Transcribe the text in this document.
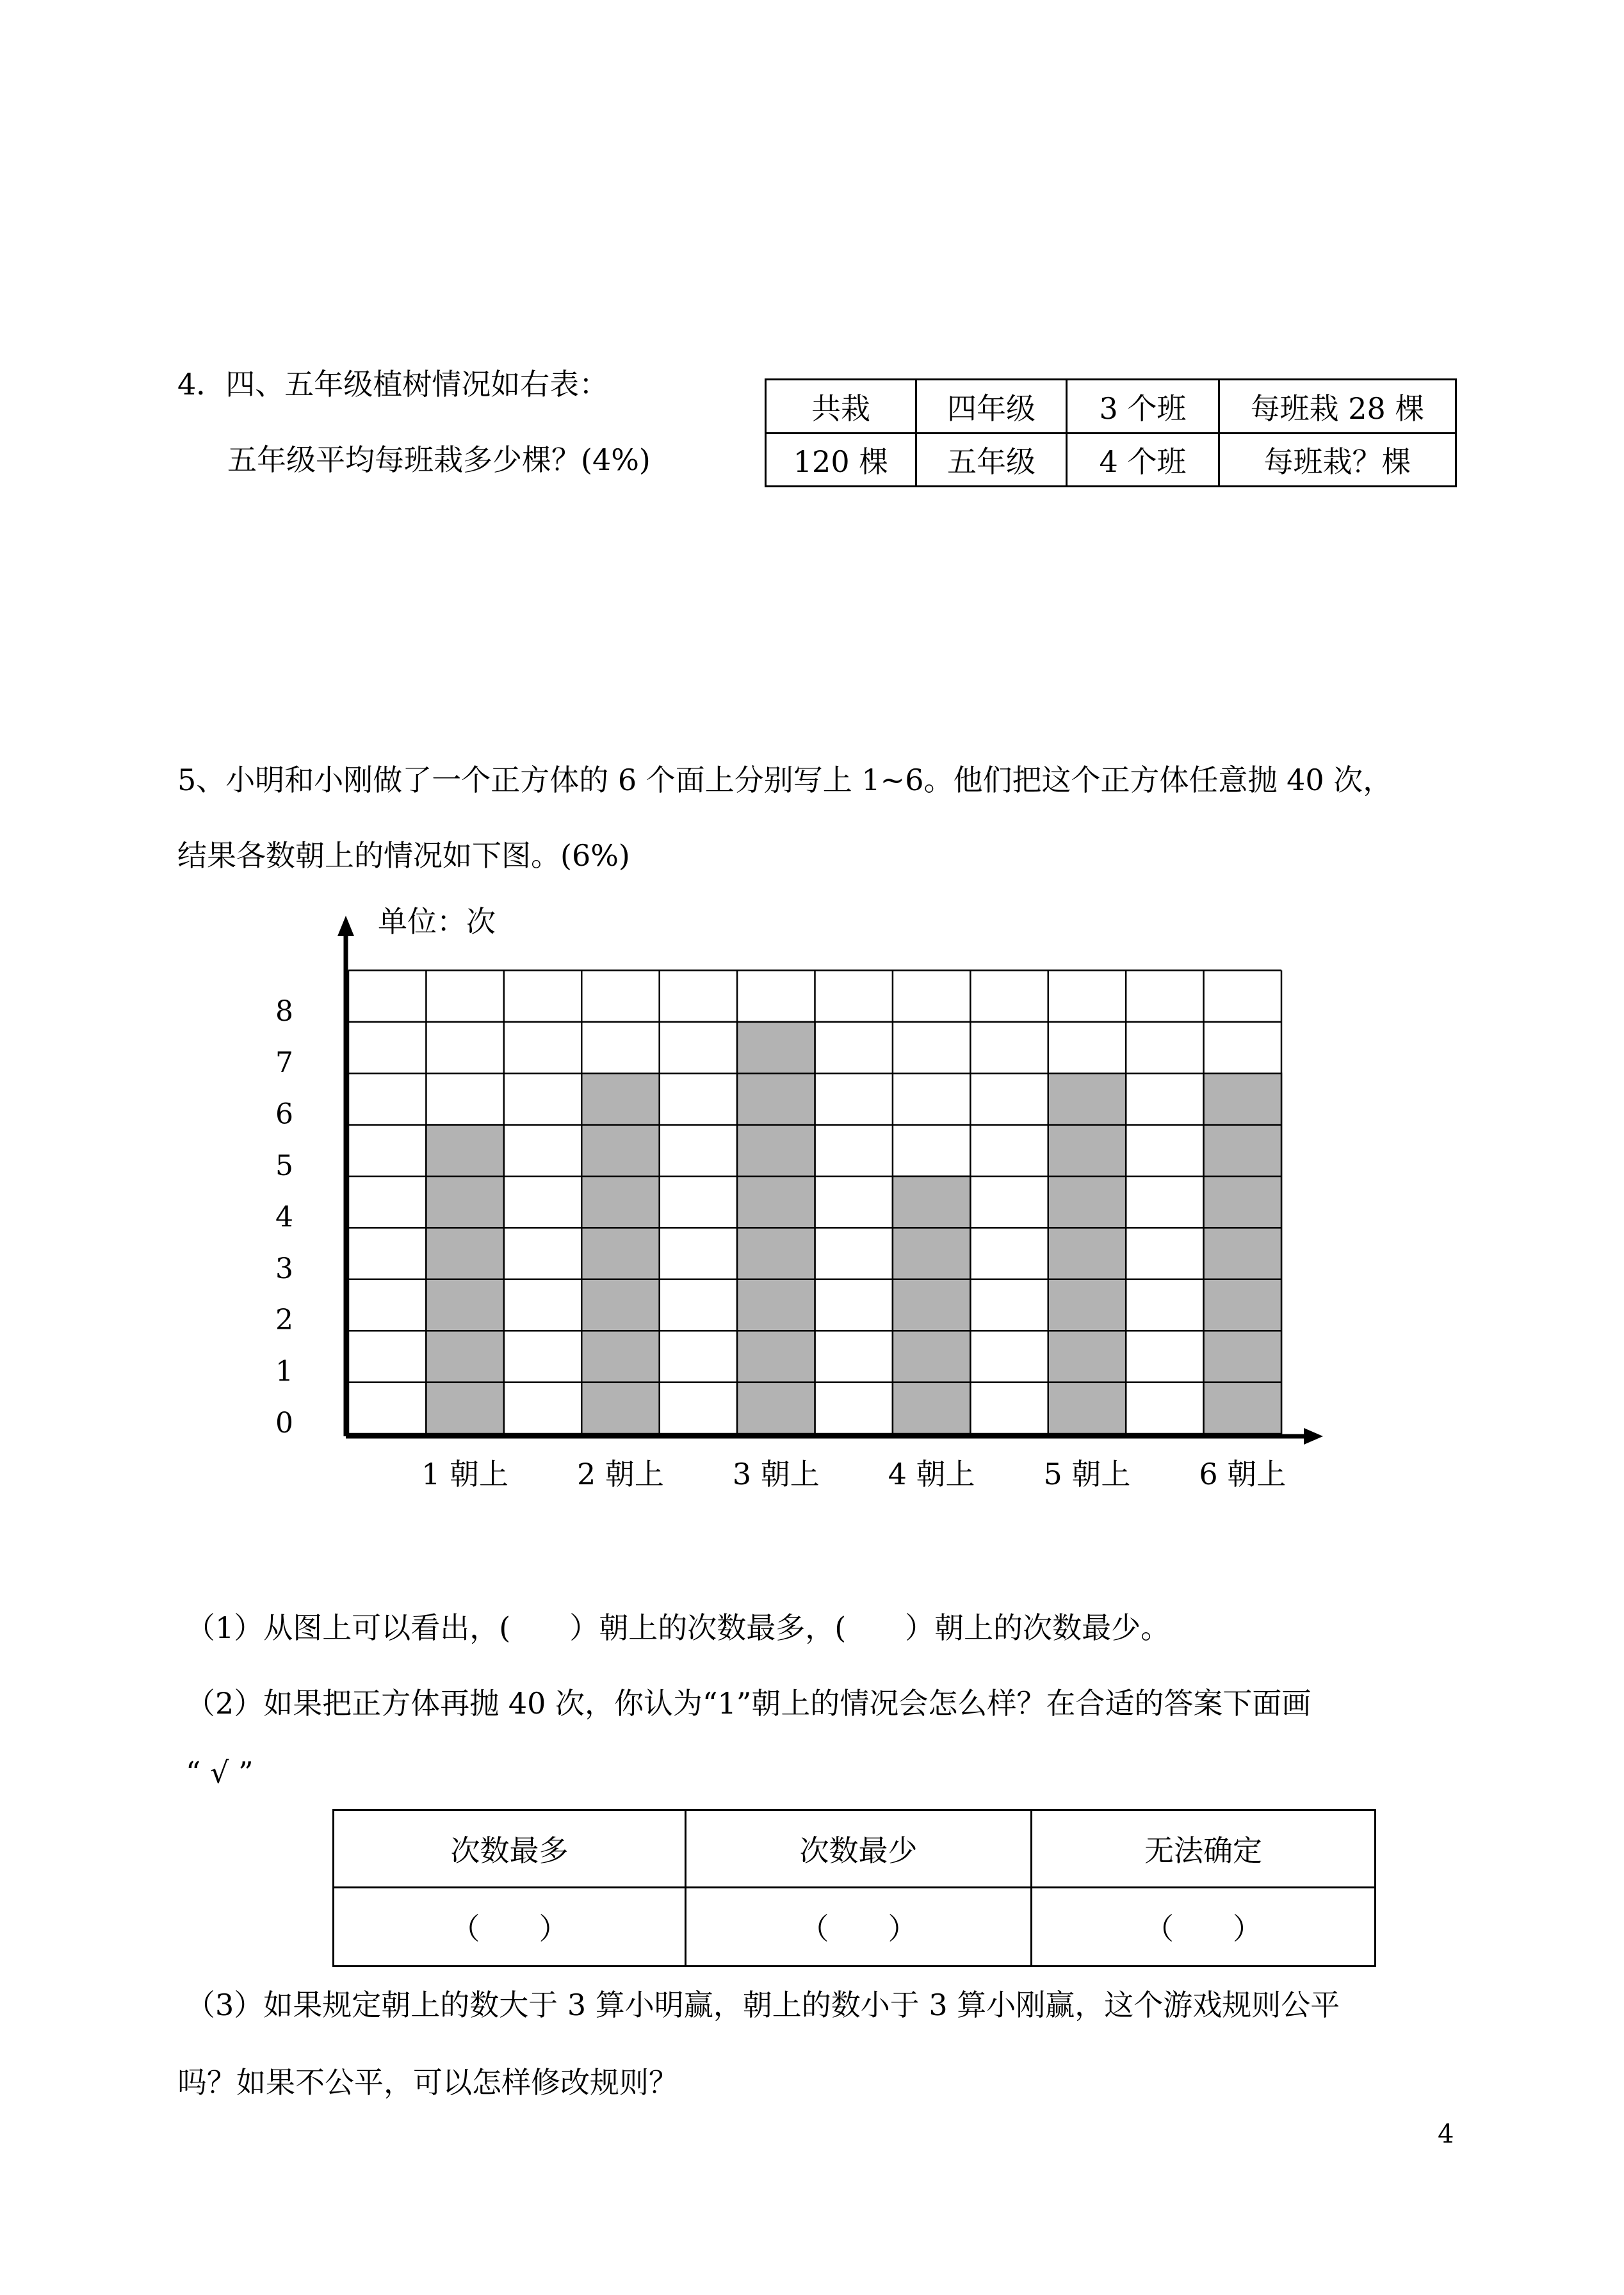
4．四、五年级植树情况如右表：
五年级平均每班栽多少棵？(4%)
共栽	四年级	3 个班	每班栽 28 棵
120 棵	五年级	4 个班	每班栽？棵
5、小明和小刚做了一个正方体的 6 个面上分别写上 1~6。他们把这个正方体任意抛 40 次，
结果各数朝上的情况如下图。(6%)
1 朝上 2 朝上 3 朝上 4 朝上 5 朝上 6 朝上
0
1
2
3
4
5
6
7
8
单位：次
（1）从图上可以看出，(　　）朝上的次数最多，(　　）朝上的次数最少。
（2）如果把正方体再抛 40 次，你认为“1”朝上的情况会怎么样？在合适的答案下面画
“ √ ”
次数最多	次数最少	无法确定
（　　）	（　　）	（　　）
（3）如果规定朝上的数大于 3 算小明赢，朝上的数小于 3 算小刚赢，这个游戏规则公平
吗？如果不公平，可以怎样修改规则？
4
